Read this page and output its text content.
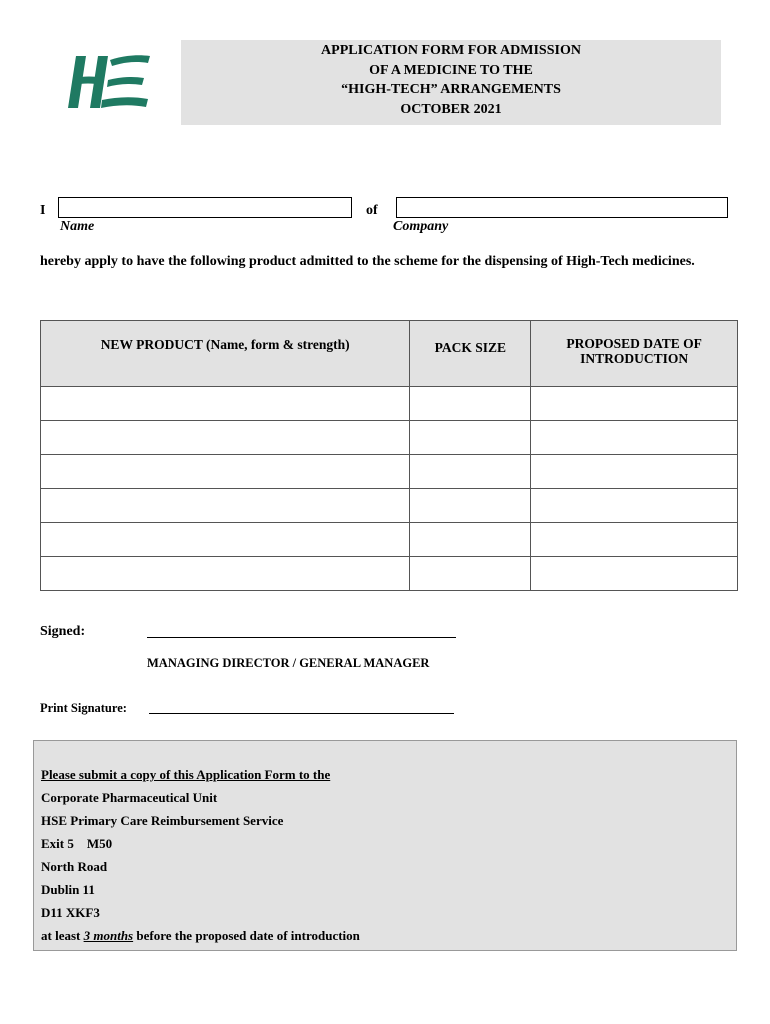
APPLICATION FORM FOR ADMISSION
OF A MEDICINE TO THE
“HIGH-TECH” ARRANGEMENTS
OCTOBER 2021
I	of
Name	Company
hereby apply to have the following product admitted to the scheme for the dispensing of High-Tech medicines.
NEW PRODUCT (Name, form & strength)	PACK SIZE	PROPOSED DATE OF INTRODUCTION

Signed:
MANAGING DIRECTOR / GENERAL MANAGER
Print Signature:
Please submit a copy of this Application Form to the
Corporate Pharmaceutical Unit
HSE Primary Care Reimbursement Service
Exit 5    M50
North Road
Dublin 11
D11 XKF3
at least 3 months before the proposed date of introduction
